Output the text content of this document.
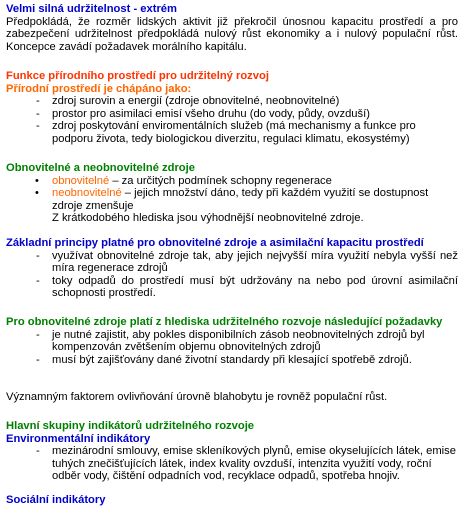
Velmi silná udržitelnost - extrém
Předpokládá, že rozměr lidských aktivit již překročil únosnou kapacitu prostředí a pro zabezpečení udržitelnost předpokládá nulový růst ekonomiky a i nulový populační růst. Koncepce zavádí požadavek morálního kapitálu.
Funkce přírodního prostředí pro udržitelný rozvoj
Přírodní prostředí je chápáno jako:
- zdroj surovin a energií (zdroje obnovitelné, neobnovitelné)
- prostor pro asimilaci emisí všeho druhu (do vody, půdy, ovzduší)
- zdroj poskytování enviromentálních služeb (má mechanismy a funkce pro podporu života, tedy biologickou diverzitu, regulaci klimatu, ekosystémy)
Obnovitelné a neobnovitelné zdroje
• obnovitelné – za určitých podmínek schopny regenerace
• neobnovitelné – jejich množství dáno, tedy při každém využití se dostupnost zdroje zmenšuje
Z krátkodobého hlediska jsou výhodnější neobnovitelné zdroje.
Základní principy platné pro obnovitelné zdroje a asimilační kapacitu prostředí
- využívat obnovitelné zdroje tak, aby jejich nejvyšší míra využití nebyla vyšší než míra regenerace zdrojů
- toky odpadů do prostředí musí být udržovány na nebo pod úrovní asimilační schopnosti prostředí.
Pro obnovitelné zdroje platí z hlediska udržitelného rozvoje následující požadavky
- je nutné zajistit, aby pokles disponibilních zásob neobnovitelných zdrojů byl kompenzován zvětšením objemu obnovitelných zdrojů
- musí být zajišťovány dané životní standardy při klesající spotřebě zdrojů.
Významným faktorem ovlivňování úrovně blahobytu je rovněž populační růst.
Hlavní skupiny indikátorů udržitelného rozvoje
Environmentální indikátory
- mezinárodní smlouvy, emise skleníkových plynů, emise okyselujících látek, emise tuhých znečišťujících látek, index kvality ovzduší, intenzita využití vody, roční odběr vody, čištění odpadních vod, recyklace odpadů, spotřeba hnojiv.
Sociální indikátory
